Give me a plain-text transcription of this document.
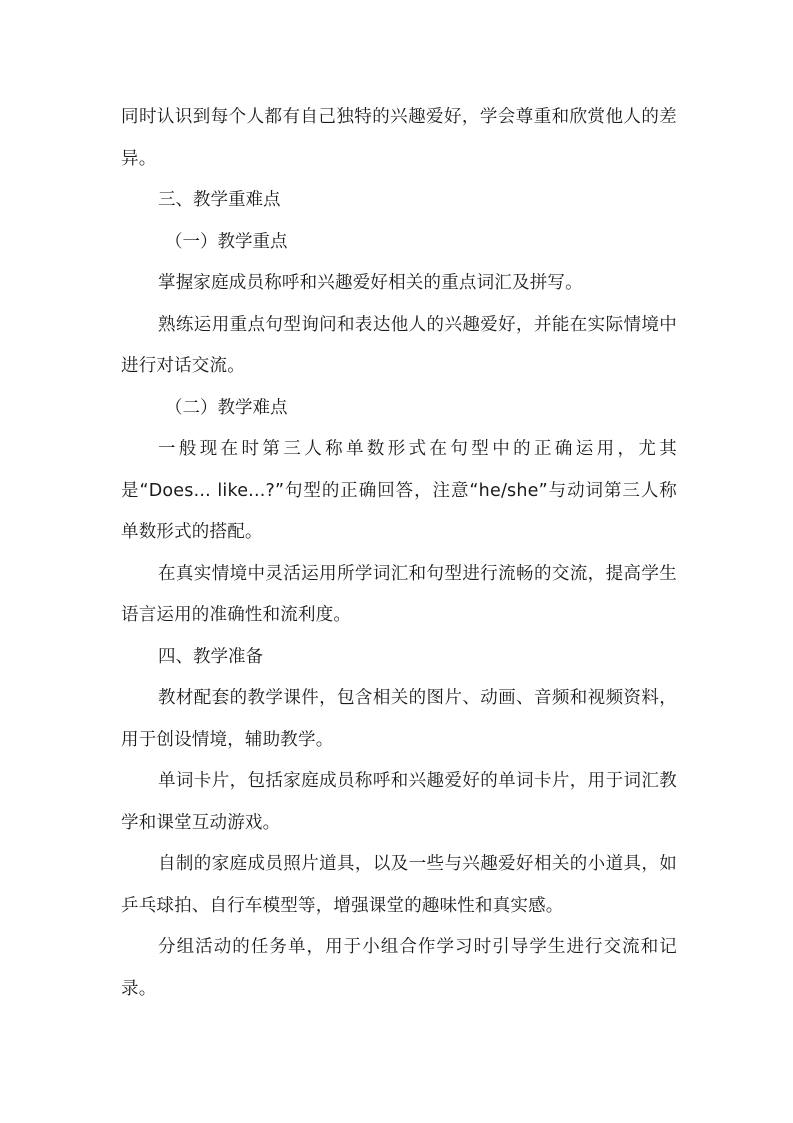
同时认识到每个人都有自己独特的兴趣爱好，学会尊重和欣赏他人的差异。

三、教学重难点

（一）教学重点

掌握家庭成员称呼和兴趣爱好相关的重点词汇及拼写。

熟练运用重点句型询问和表达他人的兴趣爱好，并能在实际情境中进行对话交流。

（二）教学难点

一般现在时第三人称单数形式在句型中的正确运用，尤其是“Does... like...?”句型的正确回答，注意“he/she”与动词第三人称单数形式的搭配。

在真实情境中灵活运用所学词汇和句型进行流畅的交流，提高学生语言运用的准确性和流利度。

四、教学准备

教材配套的教学课件，包含相关的图片、动画、音频和视频资料，用于创设情境，辅助教学。

单词卡片，包括家庭成员称呼和兴趣爱好的单词卡片，用于词汇教学和课堂互动游戏。

自制的家庭成员照片道具，以及一些与兴趣爱好相关的小道具，如乒乓球拍、自行车模型等，增强课堂的趣味性和真实感。

分组活动的任务单，用于小组合作学习时引导学生进行交流和记录。
